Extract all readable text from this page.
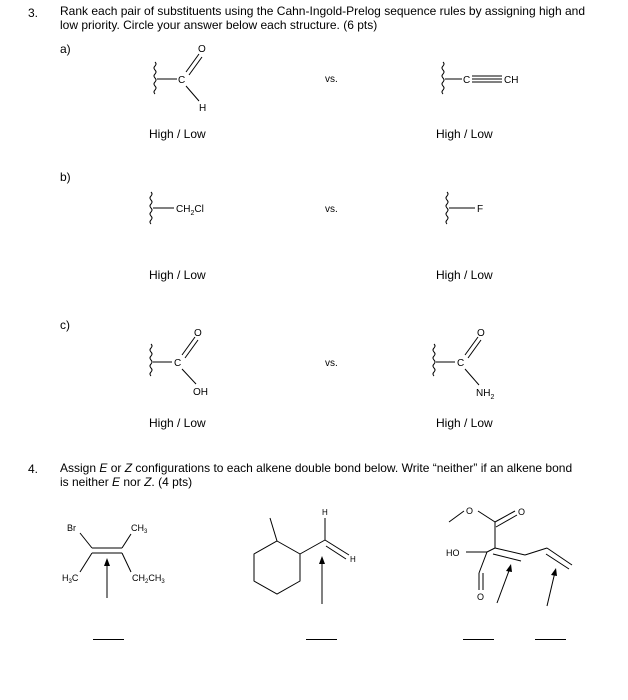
3. Rank each pair of substituents using the Cahn-Ingold-Prelog sequence rules by assigning high and
low priority. Circle your answer below each structure. (6 pts)
a)
b)
c)
vs.
vs.
vs.
High / Low	High / Low
High / Low	High / Low
High / Low	High / Low
4. Assign E or Z configurations to each alkene double bond below. Write “neither” if an alkene bond
is neither E nor Z. (4 pts)
C
O
H
C	CH
$CH_2Cl$	F
C
O
OH
C
O
$NH_2$
Br	$CH_3$
$H_3C$	$CH_2CH_3$
H
H
O	O
HO
O
